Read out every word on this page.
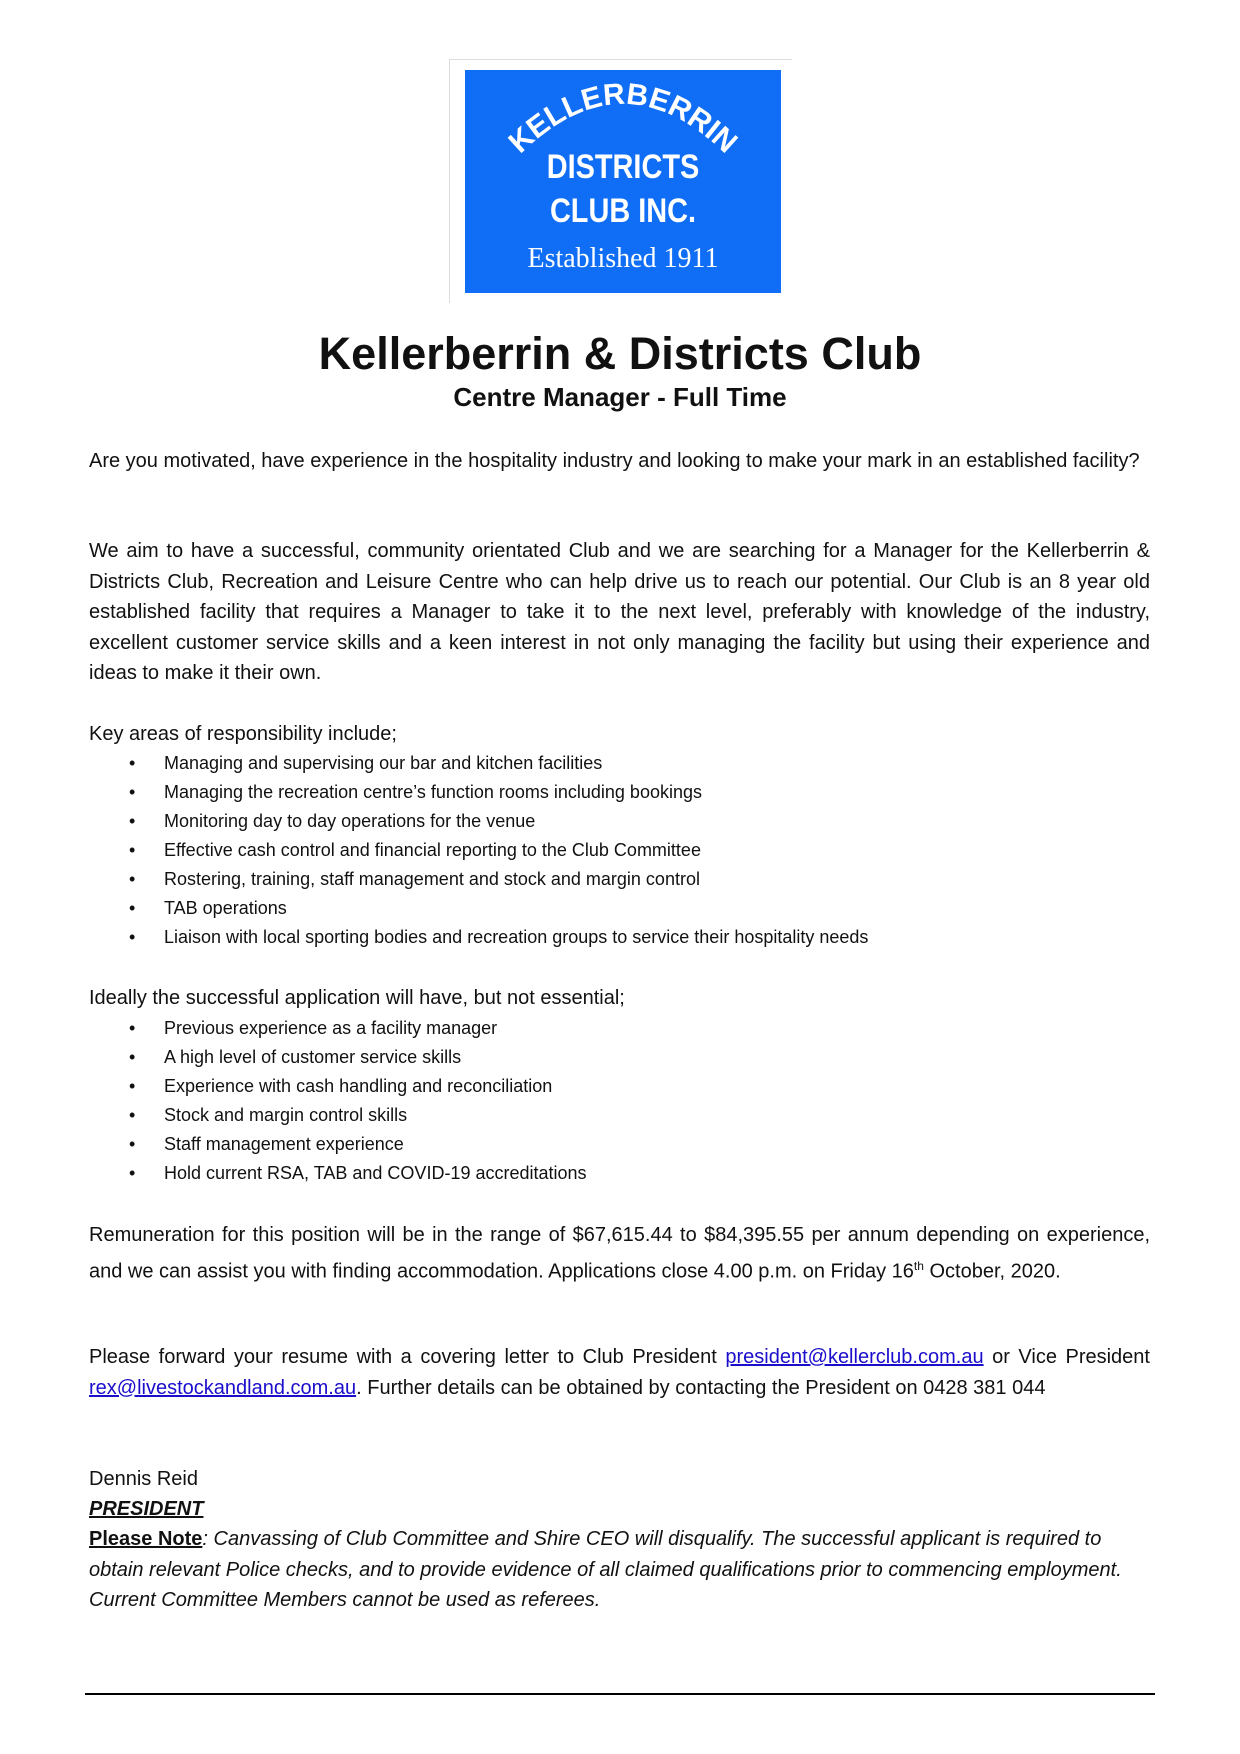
KELLERBERRIN
DISTRICTS
CLUB INC.
Established 1911
Kellerberrin & Districts Club
Centre Manager - Full Time
Are you motivated, have experience in the hospitality industry and looking to make your mark in an established facility?
We aim to have a successful, community orientated Club and we are searching for a Manager for the Kellerberrin & Districts Club, Recreation and Leisure Centre who can help drive us to reach our potential. Our Club is an 8 year old established facility that requires a Manager to take it to the next level, preferably with knowledge of the industry, excellent customer service skills and a keen interest in not only managing the facility but using their experience and ideas to make it their own.
Key areas of responsibility include;
• Managing and supervising our bar and kitchen facilities
• Managing the recreation centre’s function rooms including bookings
• Monitoring day to day operations for the venue
• Effective cash control and financial reporting to the Club Committee
• Rostering, training, staff management and stock and margin control
• TAB operations
• Liaison with local sporting bodies and recreation groups to service their hospitality needs
Ideally the successful application will have, but not essential;
• Previous experience as a facility manager
• A high level of customer service skills
• Experience with cash handling and reconciliation
• Stock and margin control skills
• Staff management experience
• Hold current RSA, TAB and COVID-19 accreditations
Remuneration for this position will be in the range of $67,615.44 to $84,395.55 per annum depending on experience, and we can assist you with finding accommodation. Applications close 4.00 p.m. on Friday 16th October, 2020.
Please forward your resume with a covering letter to Club President president@kellerclub.com.au or Vice President rex@livestockandland.com.au. Further details can be obtained by contacting the President on 0428 381 044
Dennis Reid
PRESIDENT
Please Note: Canvassing of Club Committee and Shire CEO will disqualify. The successful applicant is required to obtain relevant Police checks, and to provide evidence of all claimed qualifications prior to commencing employment. Current Committee Members cannot be used as referees.
